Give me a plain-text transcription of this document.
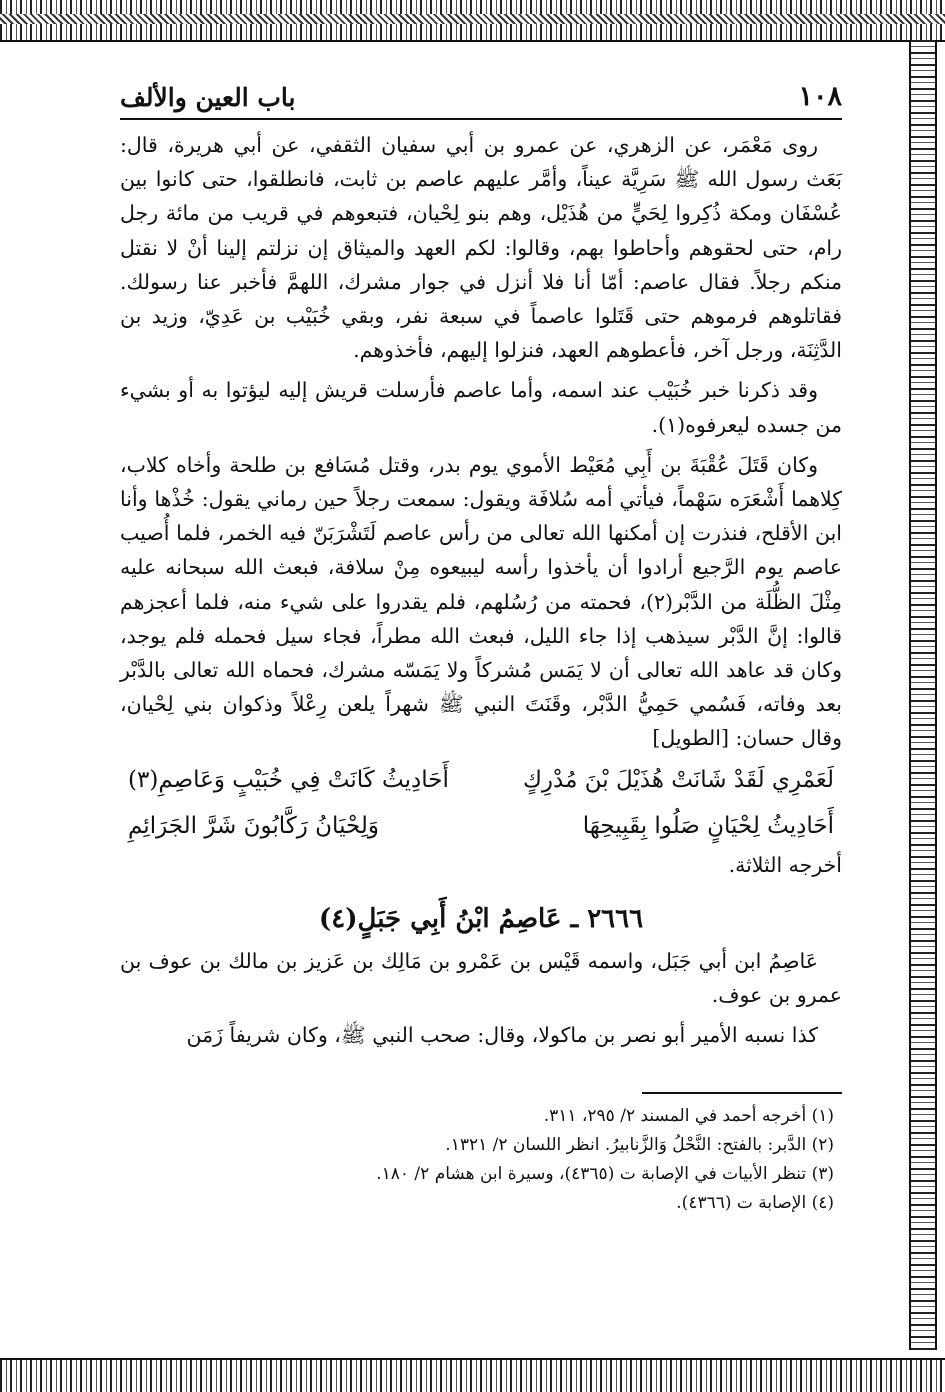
١٠٨
باب العين والألف

روى مَعْمَر، عن الزهري، عن عمرو بن أبي سفيان الثقفي، عن أبي هريرة، قال: بَعَث رسول الله ﷺ سَرِيَّة عيناً، وأمَّر عليهم عاصم بن ثابت، فانطلقوا، حتى كانوا بين عُسْفَان ومكة ذُكِروا لِحَيٍّ من هُذَيْل، وهم بنو لِحْيان، فتبعوهم في قريب من مائة رجل رام، حتى لحقوهم وأحاطوا بهم، وقالوا: لكم العهد والميثاق إن نزلتم إلينا أنْ لا نقتل منكم رجلاً. فقال عاصم: أمّا أنا فلا أنزل في جوار مشرك، اللهمَّ فأخبر عنا رسولك. فقاتلوهم فرموهم حتى قَتَلوا عاصماً في سبعة نفر، وبقي خُبَيْب بن عَدِيّ، وزيد بن الدَّثِنَة، ورجل آخر، فأعطوهم العهد، فنزلوا إليهم، فأخذوهم.

وقد ذكرنا خبر خُبَيْب عند اسمه، وأما عاصم فأرسلت قريش إليه ليؤتوا به أو بشيء من جسده ليعرفوه(١).

وكان قَتَلَ عُقْبَةَ بن أَبِي مُعَيْط الأموي يوم بدر، وقتل مُسَافع بن طلحة وأخاه كلاب، كِلاهما أَشْعَرَه سَهْماً، فيأتي أمه سُلافَة ويقول: سمعت رجلاً حين رماني يقول: خُذْها وأنا ابن الأقلح، فنذرت إن أمكنها الله تعالى من رأس عاصم لَتَشْرَبَنّ فيه الخمر، فلما أُصيب عاصم يوم الرَّجيع أرادوا أن يأخذوا رأسه ليبيعوه مِنْ سلافة، فبعث الله سبحانه عليه مِثْلَ الظُّلَة من الدَّبْر(٢)، فحمته من رُسُلهم، فلم يقدروا على شيء منه، فلما أعجزهم قالوا: إنَّ الدَّبْر سيذهب إذا جاء الليل، فبعث الله مطراً، فجاء سيل فحمله فلم يوجد، وكان قد عاهد الله تعالى أن لا يَمَس مُشركاً ولا يَمَسّه مشرك، فحماه الله تعالى بالدَّبْر بعد وفاته، فَسُمي حَمِيُّ الدَّبْر، وقَنَتَ النبي ﷺ شهراً يلعن رِعْلاً وذكوان بني لِحْيان، وقال حسان: [الطويل]

لَعَمْرِي لَقَدْ شَانَتْ هُذَيْلَ بْنَ مُدْرِكٍ
أَحَادِيثُ كَانَتْ فِي خُبَيْبٍ وَعَاصِمِ(٣)
أَحَادِيثُ لِحْيَانٍ صَلُوا بِقَبِيحِهَا
وَلِحْيَانُ رَكَّابُونَ شَرَّ الجَرَائِمِ

أخرجه الثلاثة.

٢٦٦٦ ـ عَاصِمُ ابْنُ أَبِي جَبَلٍ(٤)

عَاصِمُ ابن أبي جَبَل، واسمه قَيْس بن عَمْرو بن مَالِك بن عَزيز بن مالك بن عوف بن عمرو بن عوف.

كذا نسبه الأمير أبو نصر بن ماكولا، وقال: صحب النبي ﷺ، وكان شريفاً زَمَن

(١) أخرجه أحمد في المسند ٢/ ٢٩٥، ٣١١.
(٢) الدَّبر: بالفتح: النَّحْلُ وَالزَّنابيرُ. انظر اللسان ٢/ ١٣٢١.
(٣) تنظر الأبيات في الإصابة ت (٤٣٦٥)، وسيرة ابن هشام ٢/ ١٨٠.
(٤) الإصابة ت (٤٣٦٦).
